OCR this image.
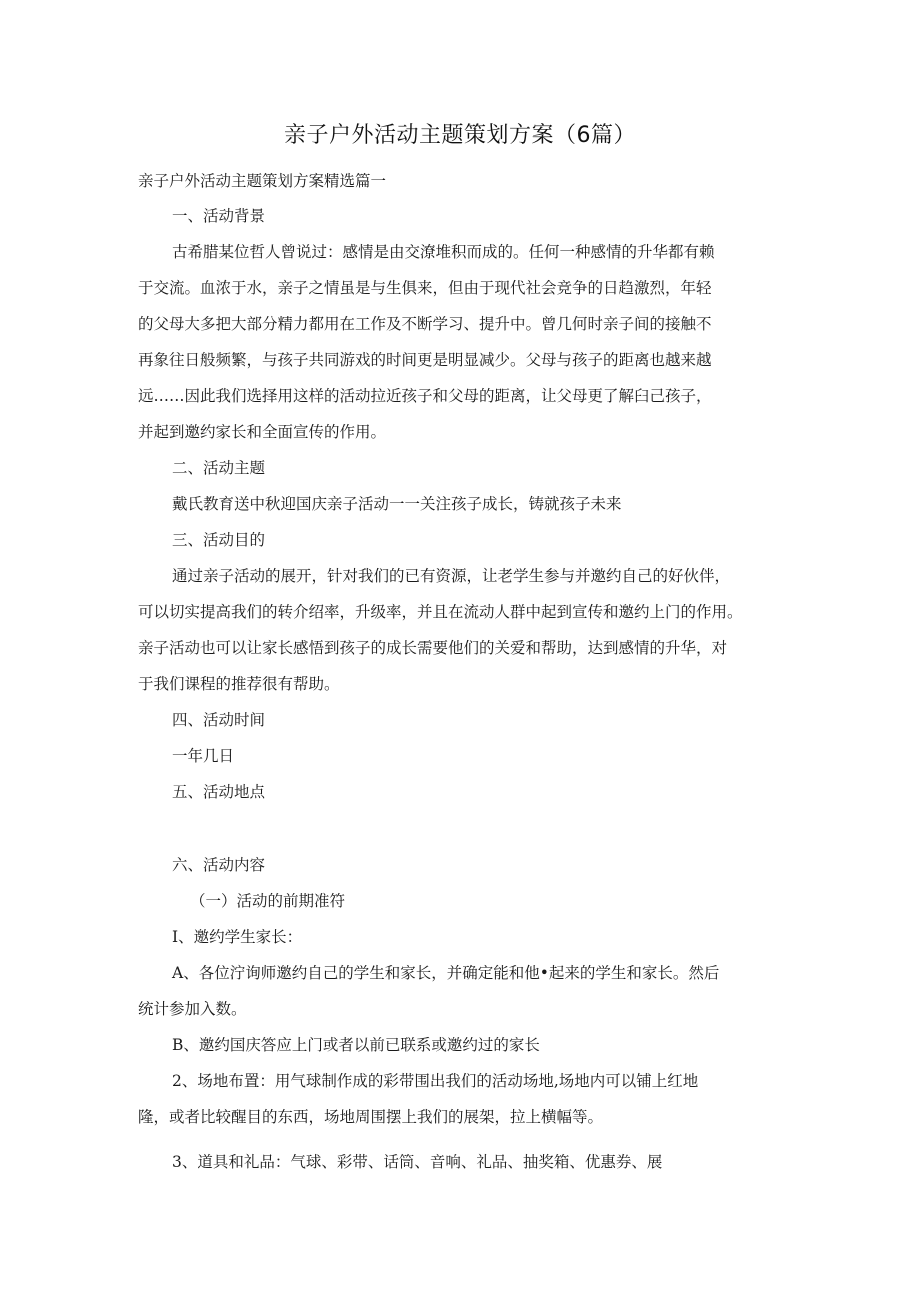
亲子户外活动主题策划方案（6篇）
亲子户外活动主题策划方案精选篇一
一、活动背景
古希腊某位哲人曾说过：感情是由交潦堆积而成的。任何一种感情的升华都有赖
于交流。血浓于水，亲子之情虽是与生俱来，但由于现代社会竞争的日趋激烈，年轻
的父母大多把大部分精力都用在工作及不断学习、提升中。曾几何时亲子间的接触不
再象往日般频繁，与孩子共同游戏的时间更是明显减少。父母与孩子的距离也越来越
远……因此我们选择用这样的活动拉近孩子和父母的距离，让父母更了解臼己孩子，
并起到邀约家长和全面宣传的作用。
二、活动主题
戴氏教育送中秋迎国庆亲子活动一一关注孩子成长，铸就孩子未来
三、活动目的
通过亲子活动的展开，针对我们的已有资源，让老学生参与并邀约自己的好伙伴，
可以切实提高我们的转介绍率，升级率，并且在流动人群中起到宣传和邀约上门的作用。
亲子活动也可以让家长感悟到孩子的成长需要他们的关爱和帮助，达到感情的升华，对
于我们课程的推荐很有帮助。
四、活动时间
一年几日
五、活动地点
六、活动内容
（一）活动的前期准符
I、邀约学生家长：
A、各位泞询师邀约自己的学生和家长，并确定能和他•起来的学生和家长。然后
统计参加入数。
B、邀约国庆答应上门或者以前已联系或邀约过的家长
2、场地布置：用气球制作成的彩带围出我们的活动场地,场地内可以铺上红地
隆，或者比较醒目的东西，场地周围摆上我们的展架，拉上横幅等。
3、道具和礼品：气球、彩带、话筒、音响、礼品、抽奖箱、优惠券、展
